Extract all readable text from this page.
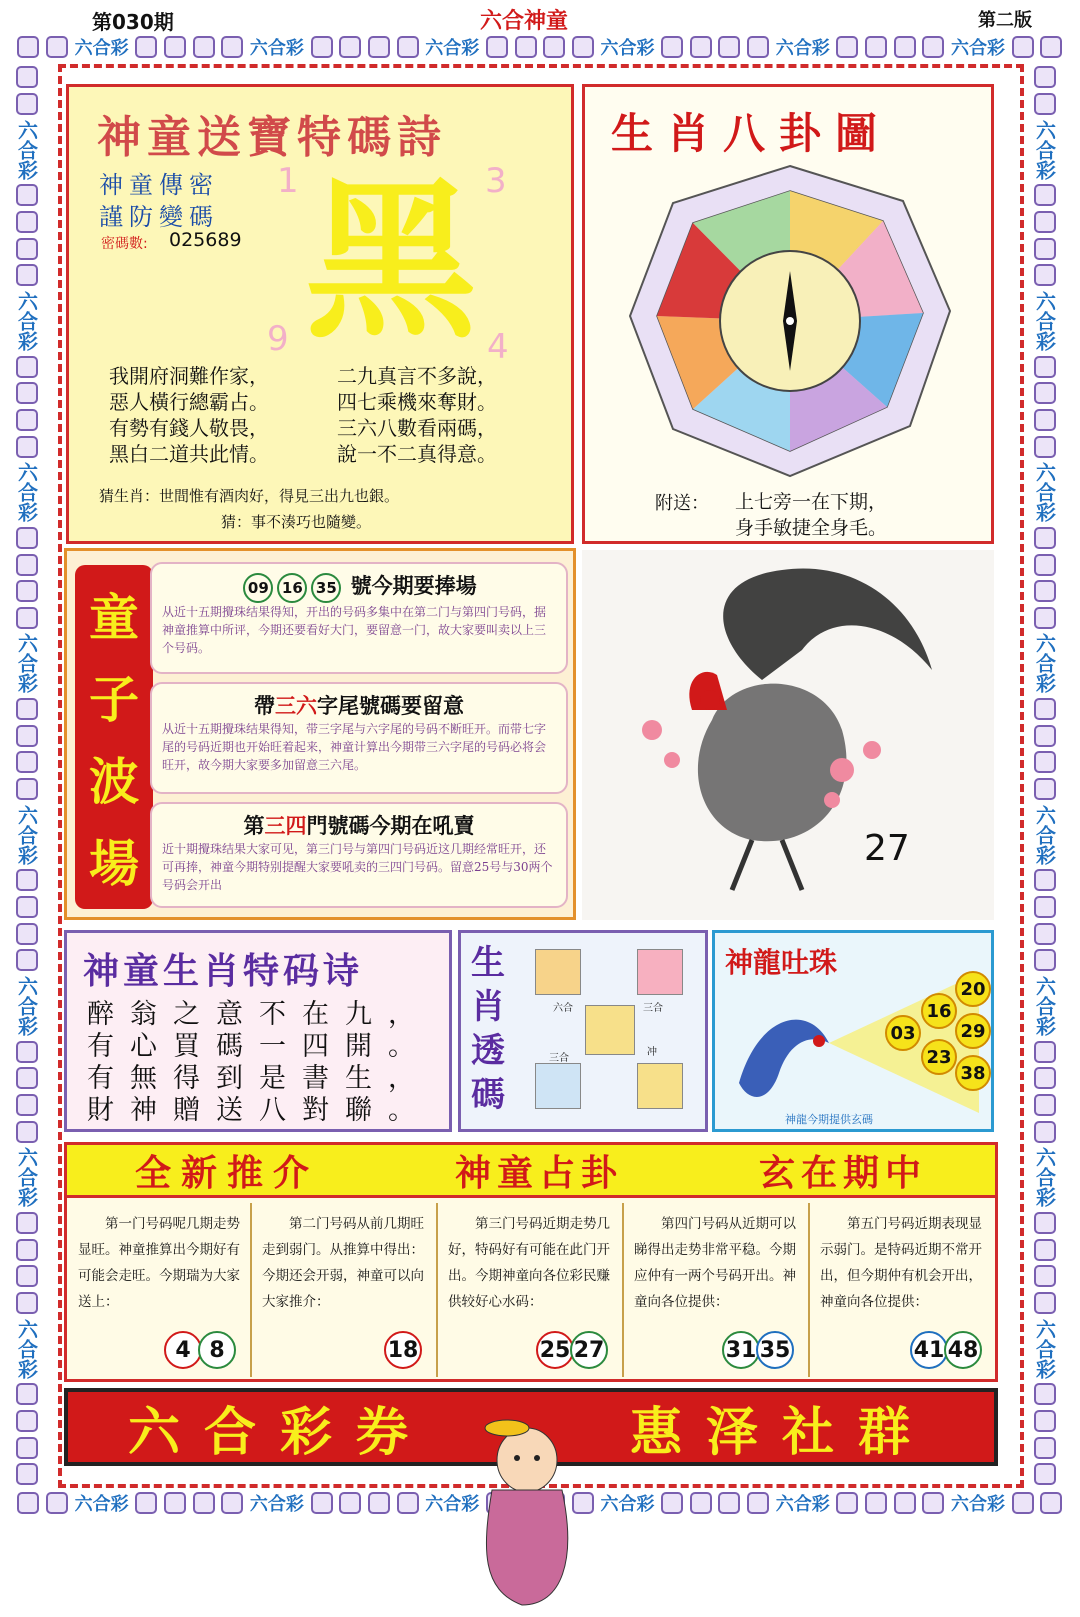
第030期	六合神童	第二版
六合彩	六合彩	六合彩	六合彩	六合彩	六合彩
六合彩	六合彩	六合彩	六合彩	六合彩	六合彩
六合彩
六合彩
六合彩
六合彩
六合彩
六合彩
六合彩
六合彩
六合彩
六合彩
六合彩
六合彩
六合彩
六合彩
六合彩
六合彩
神童送寶特碼詩
神童傳密
謹防變碼
密碼數: 025689 黑
1	3
9	4
我開府洞難作家，
惡人橫行總霸占。
有勢有錢人敬畏，
黑白二道共此情。
二九真言不多說，
四七乘機來奪財。
三六八數看兩碼，
說一不二真得意。
猜生肖：世間惟有酒肉好，得見三出九也銀。
猜：事不湊巧也隨變。
生肖八卦圖
附送： 上七旁一在下期，
身手敏捷全身毛。
童
子
波
場
09 16 35 號今期要捧場
从近十五期攪珠结果得知，开出的号码多集中在第二门与第四门号码，据神童推算中所评，今期还要看好大门，要留意一门，故大家要叫卖以上三个号码。
帶三六字尾號碼要留意
从近十五期攪珠结果得知，带三字尾与六字尾的号码不断旺开。而带七字尾的号码近期也开始旺着起来，神童计算出今期带三六字尾的号码必将会旺开，故今期大家要多加留意三六尾。
第三四門號碼今期在吼賣
近十期攪珠结果大家可见，第三门号与第四门号码近这几期经常旺开，还可再捧，神童今期特别提醒大家要吼卖的三四门号码。留意25号与30两个号码会开出
27
神童生肖特码诗
醉翁之意不在九，
有心買碼一四開。
有無得到是書生，
財神贈送八對聯。
生
肖
透
碼
六合	三合
三合
冲
神龍吐珠
20
16
29
03
23
38
神龍今期提供玄碼
全新推介	神童占卦	玄在期中
第一门号码呢几期走势显旺。神童推算出今期好有可能会走旺。今期瑞为大家送上：
4 8
第二门号码从前几期旺走到弱门。从推算中得出：今期还会开弱，神童可以向大家推介：
18
第三门号码近期走势几好，特码好有可能在此门开出。今期神童向各位彩民赚供较好心水码：
25 27
第四门号码从近期可以睇得出走势非常平稳。今期应仲有一两个号码开出。神童向各位提供：
31 35
第五门号码近期表现显示弱门。是特码近期不常开出，但今期仲有机会开出，神童向各位提供：
41 48
六合彩券	惠泽社群
